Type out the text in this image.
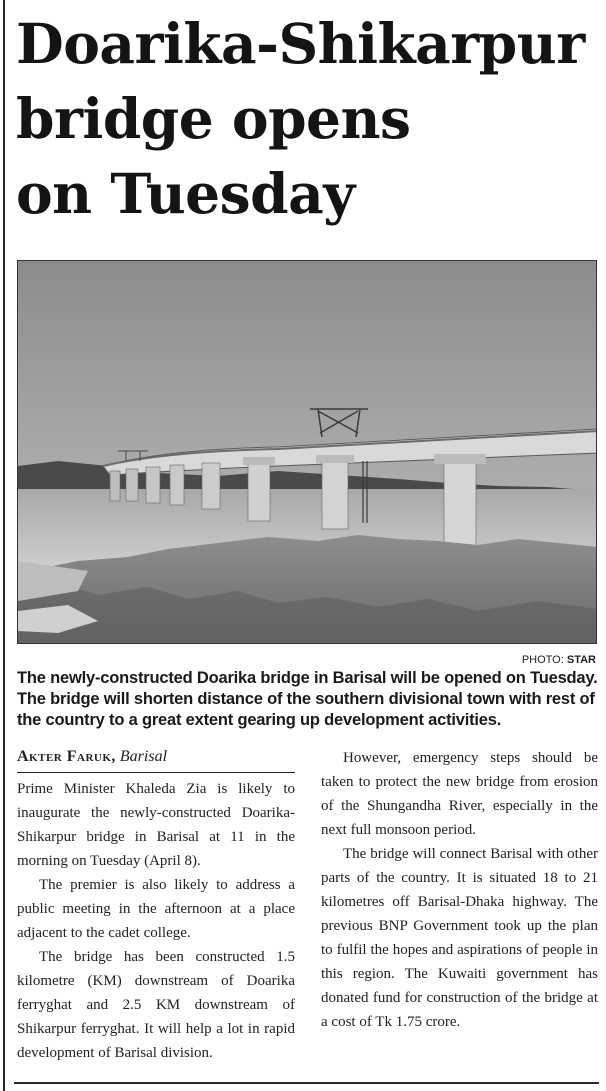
Doarika-Shikarpur
bridge opens
on Tuesday
PHOTO: STAR
The newly-constructed Doarika bridge in Barisal will be opened on Tuesday. The bridge will shorten distance of the southern divisional town with rest of the country to a great extent gearing up development activities.
Akter Faruk, Barisal

Prime Minister Khaleda Zia is likely to inaugurate the newly-constructed Doarika-Shikarpur bridge in Barisal at 11 in the morning on Tuesday (April 8).

The premier is also likely to address a public meeting in the afternoon at a place adjacent to the cadet college.

The bridge has been constructed 1.5 kilometre (KM) downstream of Doarika ferryghat and 2.5 KM downstream of Shikarpur ferryghat. It will help a lot in rapid development of Barisal division.

However, emergency steps should be taken to protect the new bridge from erosion of the Shungandha River, especially in the next full monsoon period.

The bridge will connect Barisal with other parts of the country. It is situated 18 to 21 kilometres off Barisal-Dhaka highway. The previous BNP Government took up the plan to fulfil the hopes and aspirations of people in this region. The Kuwaiti government has donated fund for construction of the bridge at a cost of Tk 1.75 crore.
